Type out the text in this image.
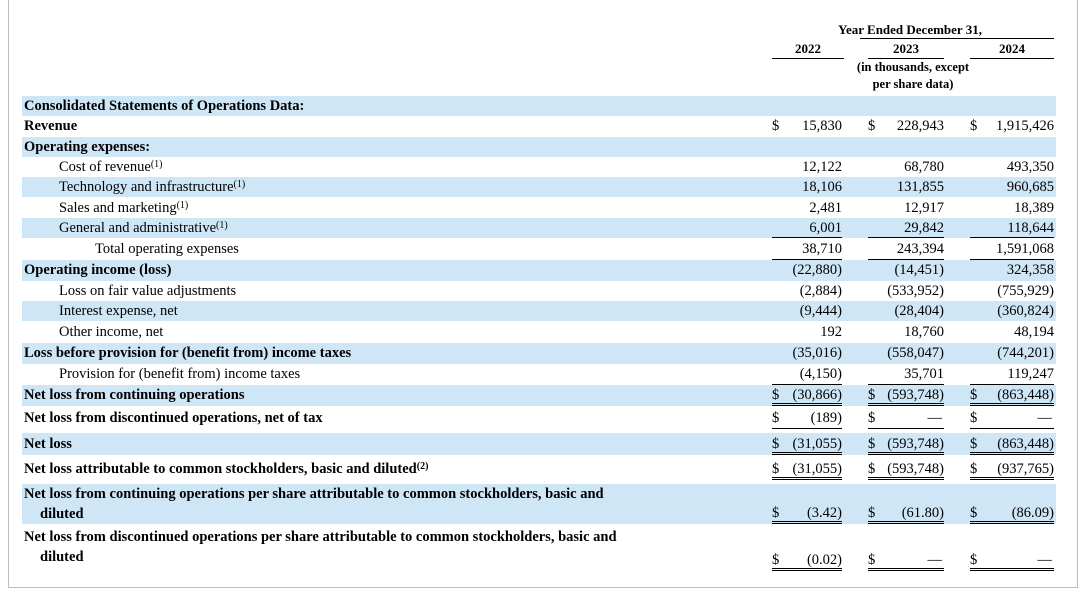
Year Ended December 31,
2022	2023	2024
(in thousands, except
per share data)
Consolidated Statements of Operations Data:
Revenue	$ 15,830 $ 228,943 $ 1,915,426
Operating expenses:
Cost of revenue$^{(1)}$	12,122	68,780	493,350
Technology and infrastructure$^{(1)}$	18,106	131,855	960,685
Sales and marketing$^{(1)}$	2,481	12,917	18,389
General and administrative$^{(1)}$	6,001	29,842	118,644
Total operating expenses	38,710	243,394	1,591,068
Operating income (loss)	(22,880)	(14,451)	324,358
Loss on fair value adjustments	(2,884)	(533,952)	(755,929)
Interest expense, net	(9,444)	(28,404)	(360,824)
Other income, net	192	18,760	48,194
Loss before provision for (benefit from) income taxes	(35,016)	(558,047)	(744,201)
Provision for (benefit from) income taxes	(4,150)	35,701	119,247
Net loss from continuing operations	$ (30,866) $ (593,748) $ (863,448)
Net loss from discontinued operations, net of tax	$ (189) $	— $	—
Net loss	$ (31,055) $ (593,748) $ (863,448)
Net loss attributable to common stockholders, basic and diluted$^{(2)}$	$ (31,055) $ (593,748) $ (937,765)
Net loss from continuing operations per share attributable to common stockholders, basic and
diluted	$ (3.42) $ (61.80) $ (86.09)
Net loss from discontinued operations per share attributable to common stockholders, basic and
diluted	$ (0.02) $	— $	—
